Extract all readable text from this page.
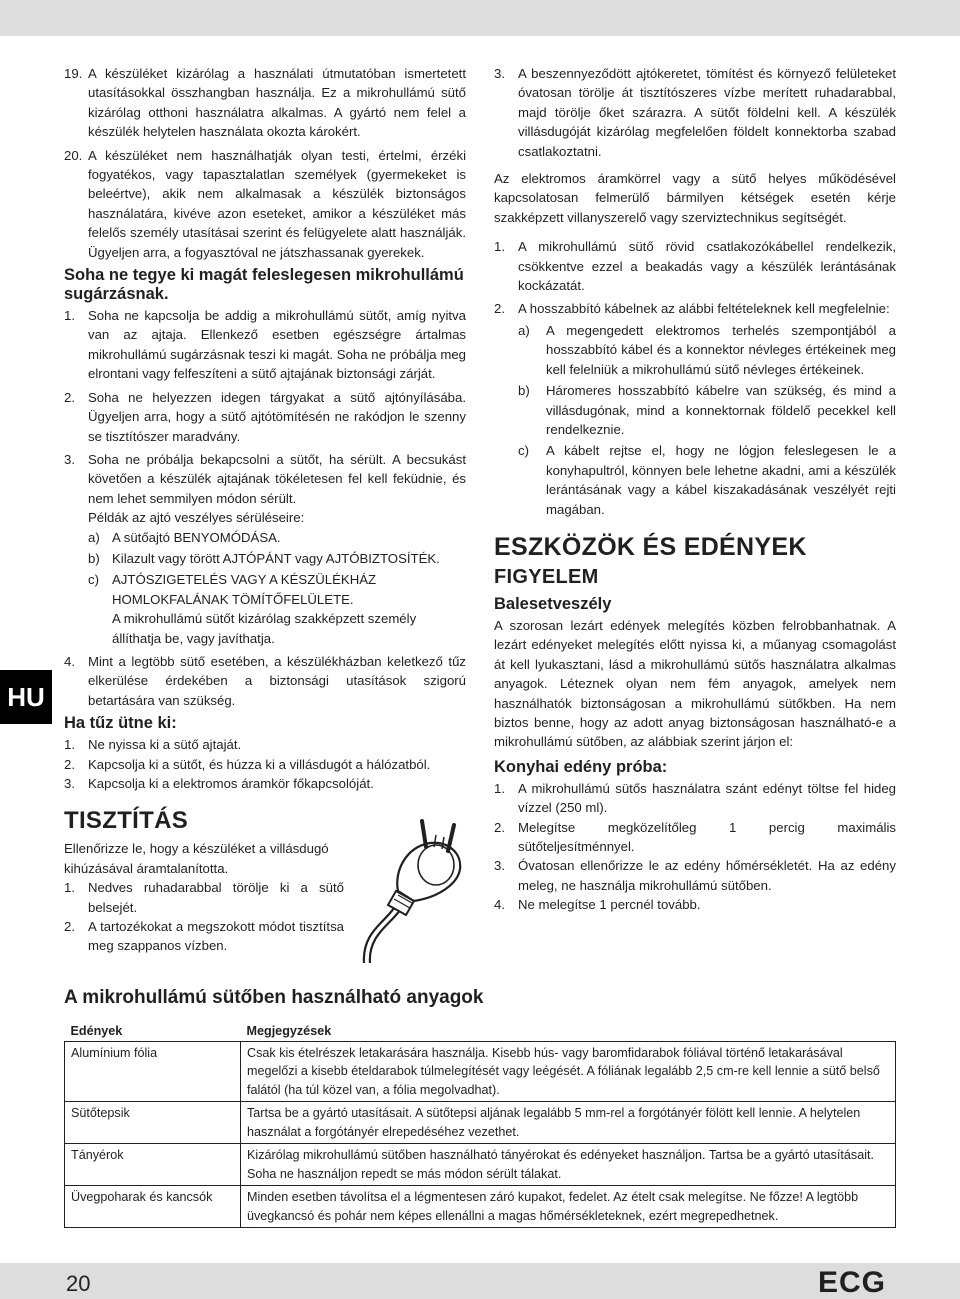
HU
19. A készüléket kizárólag a használati útmutatóban ismertetett utasításokkal összhangban használja. Ez a mikrohullámú sütő kizárólag otthoni használatra alkalmas. A gyártó nem felel a készülék helytelen használata okozta károkért.
20. A készüléket nem használhatják olyan testi, értelmi, érzéki fogyatékos, vagy tapasztalatlan személyek (gyermekeket is beleértve), akik nem alkalmasak a készülék biztonságos használatára, kivéve azon eseteket, amikor a készüléket más felelős személy utasításai szerint és felügyelete alatt használják. Ügyeljen arra, a fogyasztóval ne játszhassanak gyerekek.
Soha ne tegye ki magát feleslegesen mikrohullámú sugárzásnak.
1. Soha ne kapcsolja be addig a mikrohullámú sütőt, amíg nyitva van az ajtaja. Ellenkező esetben egészségre ártalmas mikrohullámú sugárzásnak teszi ki magát. Soha ne próbálja meg elrontani vagy felfeszíteni a sütő ajtajának biztonsági zárját.
2. Soha ne helyezzen idegen tárgyakat a sütő ajtónyílásába. Ügyeljen arra, hogy a sütő ajtótömítésén ne rakódjon le szenny se tisztítószer maradvány.
3. Soha ne próbálja bekapcsolni a sütőt, ha sérült. A becsukást követően a készülék ajtajának tökéletesen fel kell feküdnie, és nem lehet semmilyen módon sérült.

Példák az ajtó veszélyes sérüléseire:

a) A sütőajtó BENYOMÓDÁSA.
b) Kilazult vagy törött AJTÓPÁNT vagy AJTÓBIZTOSÍTÉK.
c) AJTÓSZIGETELÉS VAGY A KÉSZÜLÉKHÁZ HOMLOKFALÁNAK TÖMÍTŐFELÜLETE.

A mikrohullámú sütőt kizárólag szakképzett személy állíthatja be, vagy javíthatja.

4. Mint a legtöbb sütő esetében, a készülékházban keletkező tűz elkerülése érdekében a biztonsági utasítások szigorú betartására van szükség.
Ha tűz ütne ki:
1. Ne nyissa ki a sütő ajtaját.
2. Kapcsolja ki a sütőt, és húzza ki a villásdugót a hálózatból.
3. Kapcsolja ki a elektromos áramkör főkapcsolóját.
TISZTÍTÁS

Ellenőrizze le, hogy a készüléket a villásdugó kihúzásával áramtalanította.

1. Nedves ruhadarabbal törölje ki a sütő belsejét.
2. A tartozékokat a megszokott módot tisztítsa meg szappanos vízben.
3. A beszennyeződött ajtókeretet, tömítést és környező felületeket óvatosan törölje át tisztítószeres vízbe merített ruhadarabbal, majd törölje őket szárazra. A sütőt földelni kell. A készülék villásdugóját kizárólag megfelelően földelt konnektorba szabad csatlakoztatni.

Az elektromos áramkörrel vagy a sütő helyes működésével kapcsolatosan felmerülő bármilyen kétségek esetén kérje szakképzett villanyszerelő vagy szerviztechnikus segítségét.

1. A mikrohullámú sütő rövid csatlakozókábellel rendelkezik, csökkentve ezzel a beakadás vagy a készülék lerántásának kockázatát.
2. A hosszabbító kábelnek az alábbi feltételeknek kell megfelelnie:
a) A megengedett elektromos terhelés szempontjából a hosszabbító kábel és a konnektor névleges értékeinek meg kell felelniük a mikrohullámú sütő névleges értékeinek.
b) Háromeres hosszabbító kábelre van szükség, és mind a villásdugónak, mind a konnektornak földelő pecekkel kell rendelkeznie.
c) A kábelt rejtse el, hogy ne lógjon feleslegesen le a konyhapultról, könnyen bele lehetne akadni, ami a készülék lerántásának vagy a kábel kiszakadásának veszélyét rejti magában.
ESZKÖZÖK ÉS EDÉNYEK
FIGYELEM
Balesetveszély

A szorosan lezárt edények melegítés közben felrobbanhatnak. A lezárt edényeket melegítés előtt nyissa ki, a műanyag csomagolást át kell lyukasztani, lásd a mikrohullámú sütős használatra alkalmas anyagok. Léteznek olyan nem fém anyagok, amelyek nem használhatók biztonságosan a mikrohullámú sütőkben. Ha nem biztos benne, hogy az adott anyag biztonságosan használható-e a mikrohullámú sütőben, az alábbiak szerint járjon el:

Konyhai edény próba:
1. A mikrohullámú sütős használatra szánt edényt töltse fel hideg vízzel (250 ml).
2. Melegítse megközelítőleg 1 percig maximális sütőteljesítménnyel.
3. Óvatosan ellenőrizze le az edény hőmérsékletét. Ha az edény meleg, ne használja mikrohullámú sütőben.
4. Ne melegítse 1 percnél tovább.
A mikrohullámú sütőben használható anyagok
Edények	Megjegyzések
Alumínium fólia	Csak kis ételrészek letakarására használja. Kisebb hús- vagy baromfidarabok fóliával történő letakarásával megelőzi a kisebb ételdarabok túlmelegítését vagy leégését. A fóliának legalább 2,5 cm-re kell lennie a sütő belső falától (ha túl közel van, a fólia megolvadhat).
Sütőtepsik	Tartsa be a gyártó utasításait. A sütőtepsi aljának legalább 5 mm-rel a forgótányér fölött kell lennie. A helytelen használat a forgótányér elrepedéséhez vezethet.
Tányérok	Kizárólag mikrohullámú sütőben használható tányérokat és edényeket használjon. Tartsa be a gyártó utasításait. Soha ne használjon repedt se más módon sérült tálakat.
Üvegpoharak és kancsók	Minden esetben távolítsa el a légmentesen záró kupakot, fedelet. Az ételt csak melegítse. Ne főzze! A legtöbb üvegkancsó és pohár nem képes ellenállni a magas hőmérsékleteknek, ezért megrepedhetnek.
20	ECG
